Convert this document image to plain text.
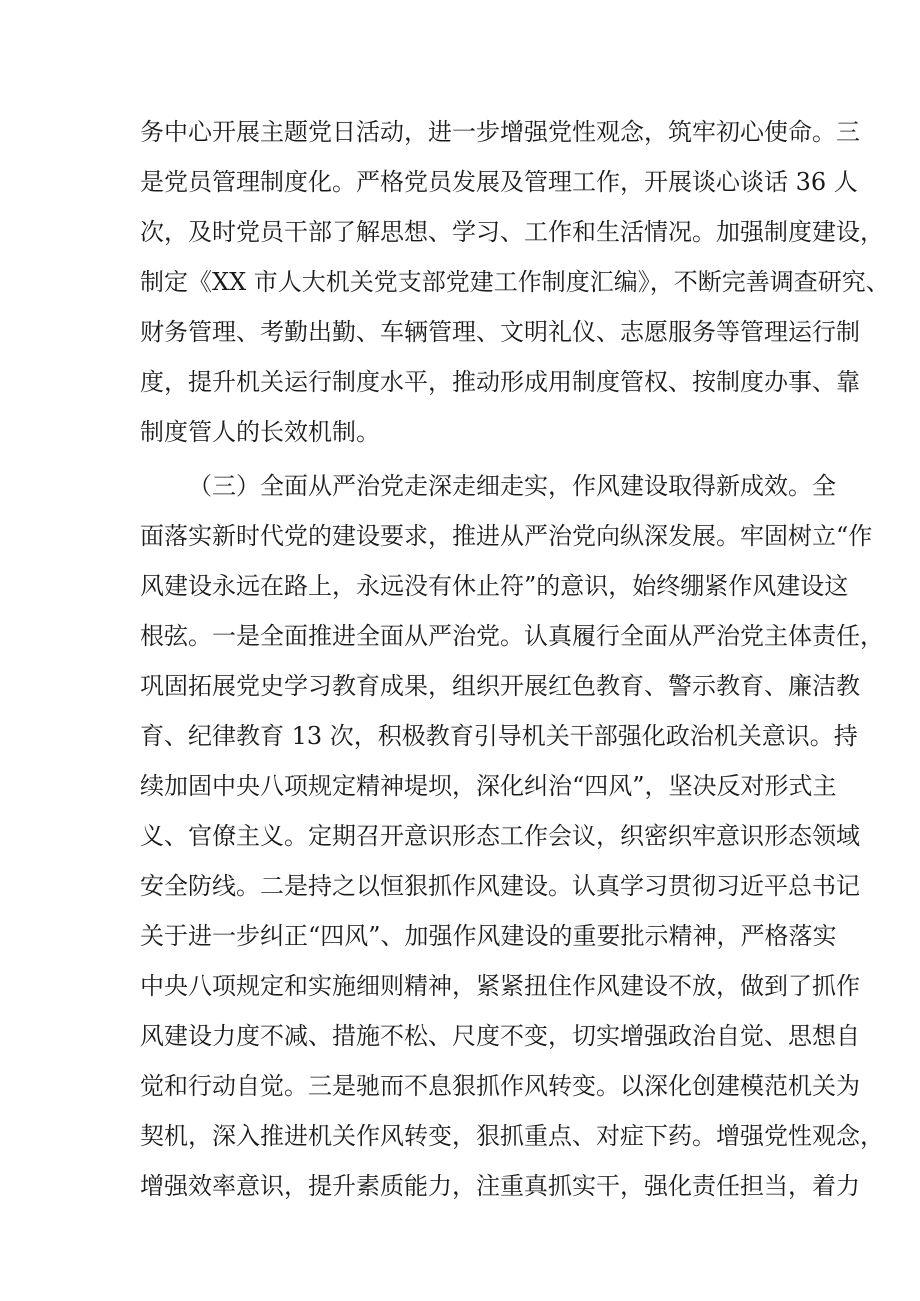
务中心开展主题党日活动，进一步增强党性观念，筑牢初心使命。三
是党员管理制度化。严格党员发展及管理工作，开展谈心谈话 36 人
次，及时党员干部了解思想、学习、工作和生活情况。加强制度建设，
制定《XX 市人大机关党支部党建工作制度汇编》，不断完善调查研究、
财务管理、考勤出勤、车辆管理、文明礼仪、志愿服务等管理运行制
度，提升机关运行制度水平，推动形成用制度管权、按制度办事、靠
制度管人的长效机制。
（三）全面从严治党走深走细走实，作风建设取得新成效。全
面落实新时代党的建设要求，推进从严治党向纵深发展。牢固树立“作
风建设永远在路上，永远没有休止符”的意识，始终绷紧作风建设这
根弦。一是全面推进全面从严治党。认真履行全面从严治党主体责任，
巩固拓展党史学习教育成果，组织开展红色教育、警示教育、廉洁教
育、纪律教育 13 次，积极教育引导机关干部强化政治机关意识。持
续加固中央八项规定精神堤坝，深化纠治“四风”，坚决反对形式主
义、官僚主义。定期召开意识形态工作会议，织密织牢意识形态领域
安全防线。二是持之以恒狠抓作风建设。认真学习贯彻习近平总书记
关于进一步纠正“四风”、加强作风建设的重要批示精神，严格落实
中央八项规定和实施细则精神，紧紧扭住作风建设不放，做到了抓作
风建设力度不减、措施不松、尺度不变，切实增强政治自觉、思想自
觉和行动自觉。三是驰而不息狠抓作风转变。以深化创建模范机关为
契机，深入推进机关作风转变，狠抓重点、对症下药。增强党性观念，
增强效率意识，提升素质能力，注重真抓实干，强化责任担当，着力
